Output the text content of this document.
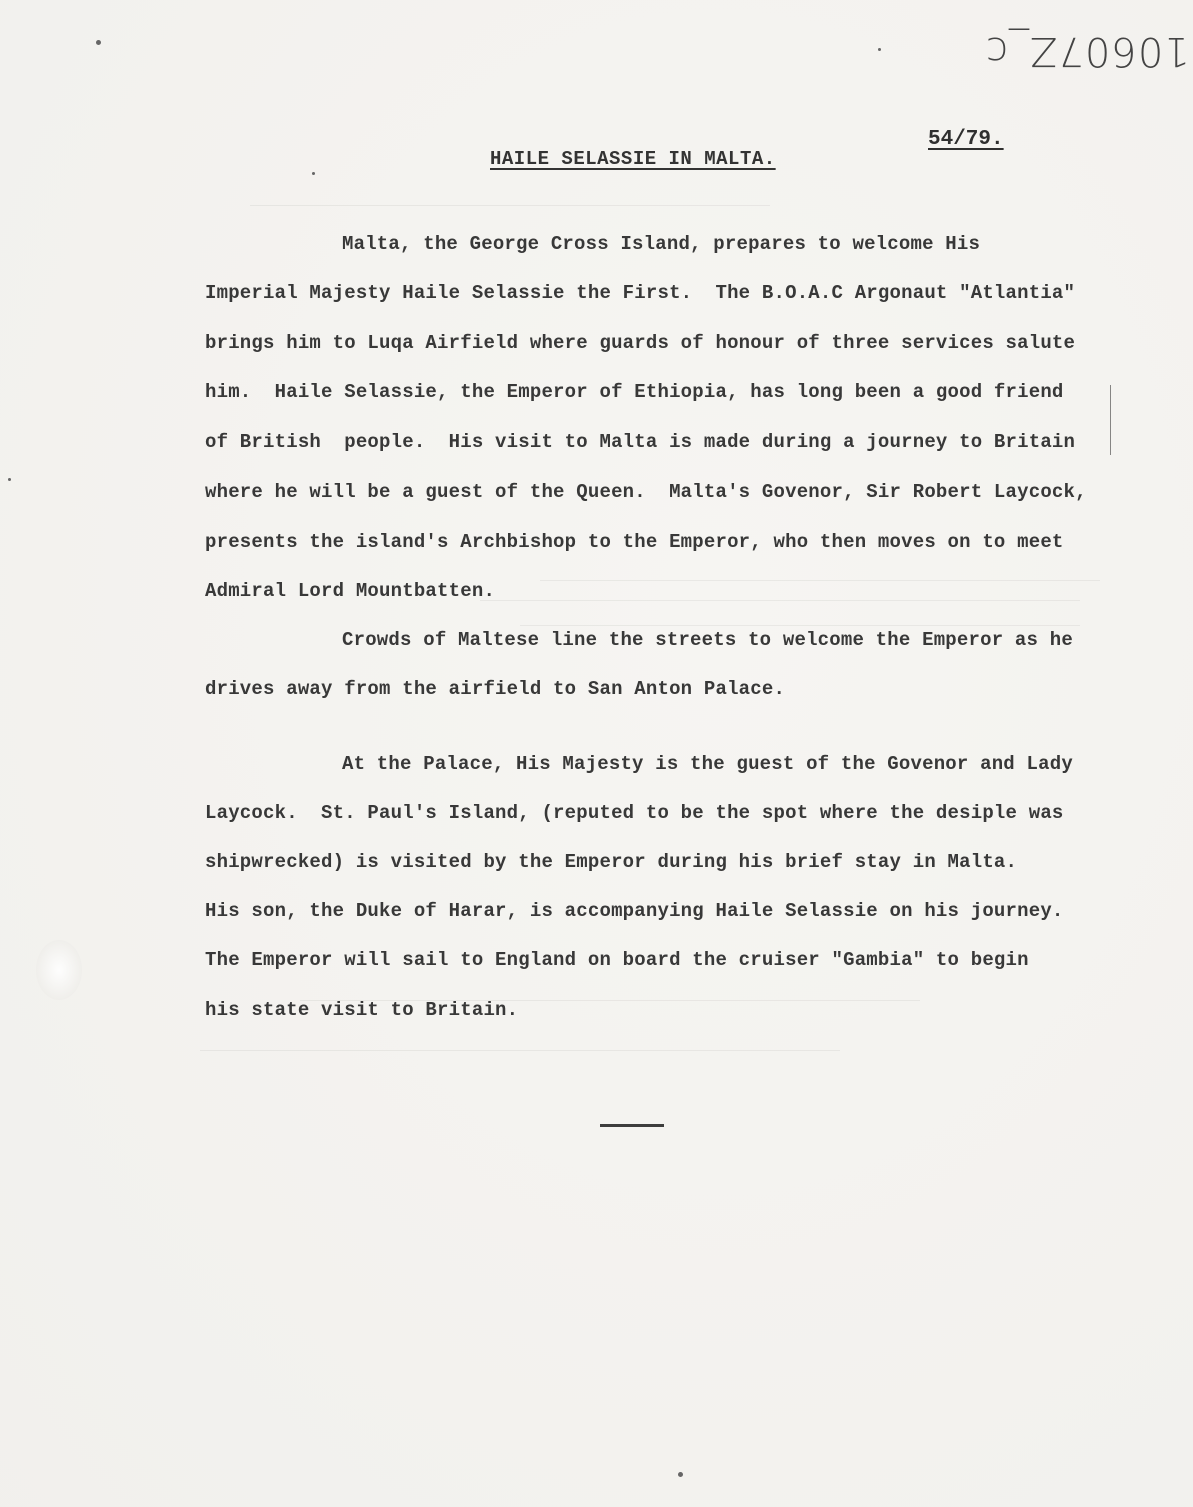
10607Z_c
54/79.
HAILE SELASSIE IN MALTA.
Malta, the George Cross Island, prepares to welcome His
Imperial Majesty Haile Selassie the First.  The B.O.A.C Argonaut "Atlantia"
brings him to Luqa Airfield where guards of honour of three services salute
him.  Haile Selassie, the Emperor of Ethiopia, has long been a good friend
of British  people.  His visit to Malta is made during a journey to Britain
where he will be a guest of the Queen.  Malta's Govenor, Sir Robert Laycock,
presents the island's Archbishop to the Emperor, who then moves on to meet
Admiral Lord Mountbatten.
Crowds of Maltese line the streets to welcome the Emperor as he
drives away from the airfield to San Anton Palace.
At the Palace, His Majesty is the guest of the Govenor and Lady
Laycock.  St. Paul's Island, (reputed to be the spot where the desiple was
shipwrecked) is visited by the Emperor during his brief stay in Malta.
His son, the Duke of Harar, is accompanying Haile Selassie on his journey.
The Emperor will sail to England on board the cruiser "Gambia" to begin
his state visit to Britain.
